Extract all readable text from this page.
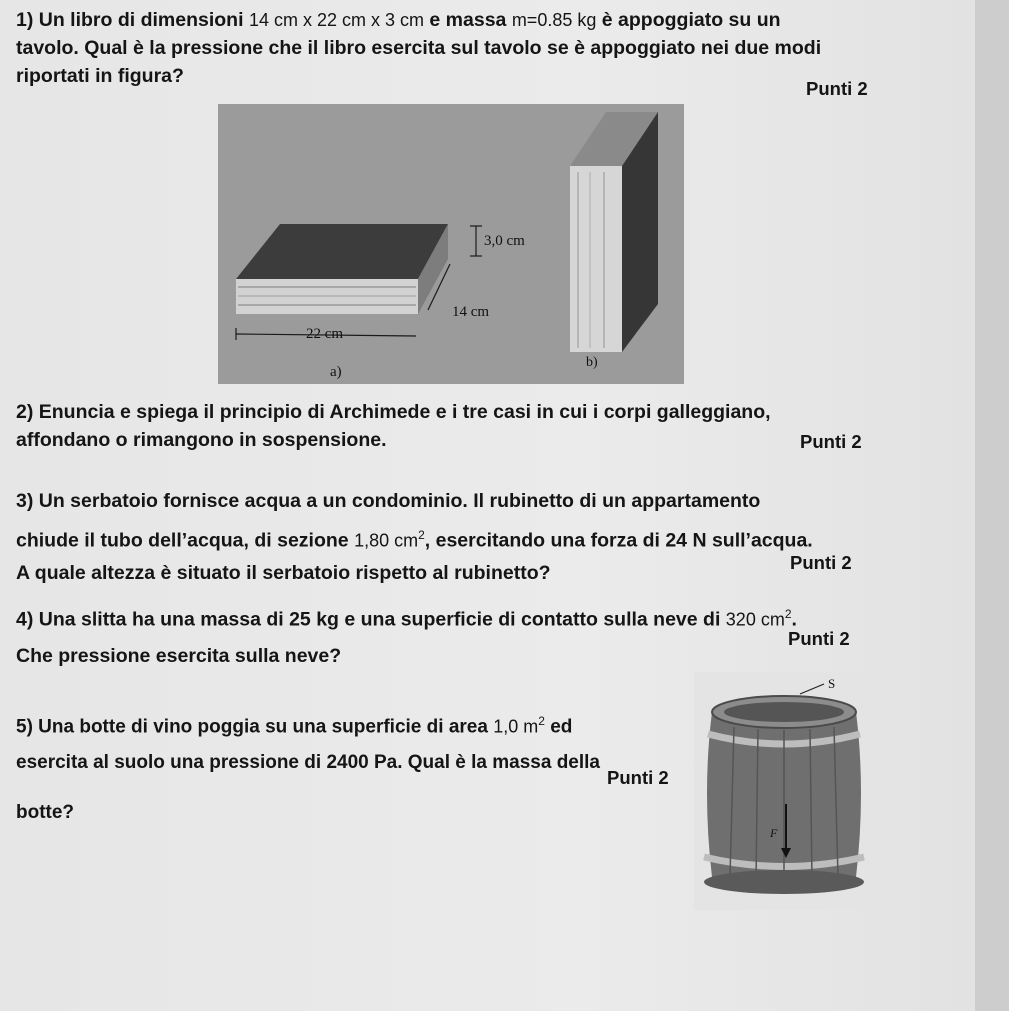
1) Un libro di dimensioni 14 cm x 22 cm x 3 cm e massa m=0.85 kg è appoggiato su un
tavolo. Qual è la pressione che il libro esercita sul tavolo se è appoggiato nei due modi
riportati in figura?
Punti 2
3,0 cm
14 cm
22 cm
a)
b)
2) Enuncia e spiega il principio di Archimede e i tre casi in cui i corpi galleggiano,
affondano o rimangono in sospensione.	Punti 2
3) Un serbatoio fornisce acqua a un condominio. Il rubinetto di un appartamento
chiude il tubo dell’acqua, di sezione 1,80 $cm^2$, esercitando una forza di 24 N sull’acqua.
A quale altezza è situato il serbatoio rispetto al rubinetto?	Punti 2
4) Una slitta ha una massa di 25 kg e una superficie di contatto sulla neve di 320 $cm^2$.
Che pressione esercita sulla neve?
Punti 2
5) Una botte di vino poggia su una superficie di area 1,0 $m^2$ ed
esercita al suolo una pressione di 2400 Pa. Qual è la massa della
botte?
Punti 2
S
F
